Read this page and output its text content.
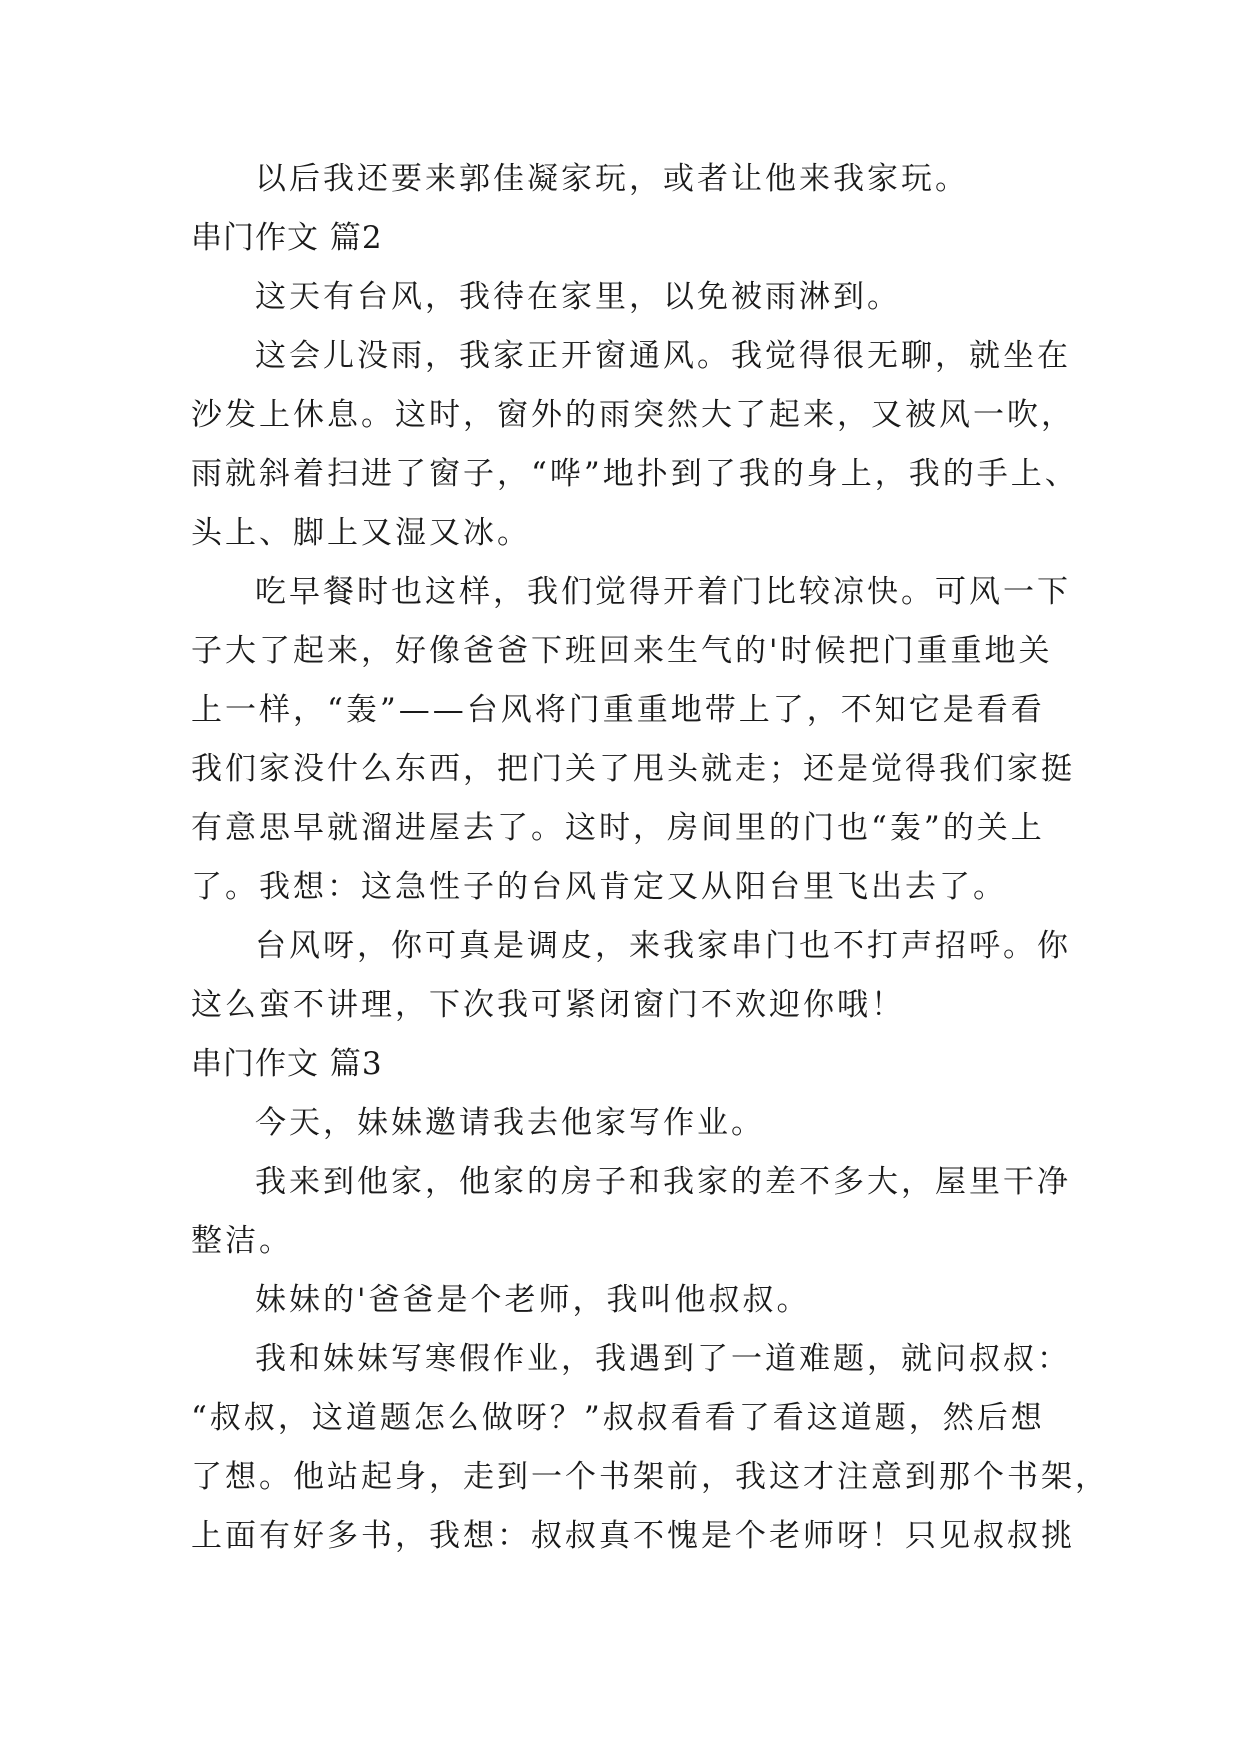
以后我还要来郭佳凝家玩，或者让他来我家玩。
串门作文 篇2
这天有台风，我待在家里，以免被雨淋到。
这会儿没雨，我家正开窗通风。我觉得很无聊，就坐在
沙发上休息。这时，窗外的雨突然大了起来，又被风一吹，
雨就斜着扫进了窗子，“哗”地扑到了我的身上，我的手上、
头上、脚上又湿又冰。
吃早餐时也这样，我们觉得开着门比较凉快。可风一下
子大了起来，好像爸爸下班回来生气的'时候把门重重地关
上一样，“轰”——台风将门重重地带上了，不知它是看看
我们家没什么东西，把门关了甩头就走；还是觉得我们家挺
有意思早就溜进屋去了。这时，房间里的门也“轰”的关上
了。我想：这急性子的台风肯定又从阳台里飞出去了。
台风呀，你可真是调皮，来我家串门也不打声招呼。你
这么蛮不讲理，下次我可紧闭窗门不欢迎你哦！
串门作文 篇3
今天，妹妹邀请我去他家写作业。
我来到他家，他家的房子和我家的差不多大，屋里干净
整洁。
妹妹的'爸爸是个老师，我叫他叔叔。
我和妹妹写寒假作业，我遇到了一道难题，就问叔叔：
“叔叔，这道题怎么做呀？”叔叔看看了看这道题，然后想
了想。他站起身，走到一个书架前，我这才注意到那个书架，
上面有好多书，我想：叔叔真不愧是个老师呀！只见叔叔挑
